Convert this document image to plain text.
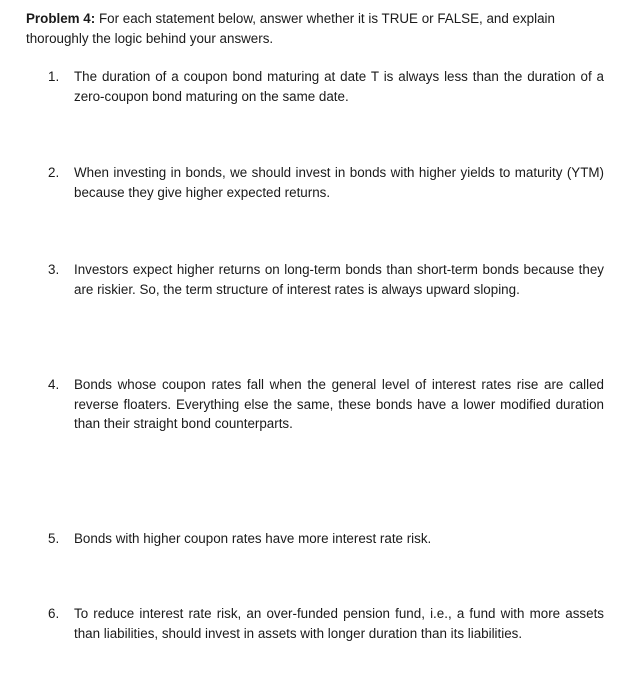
Problem 4: For each statement below, answer whether it is TRUE or FALSE, and explain thoroughly the logic behind your answers.
1.	The duration of a coupon bond maturing at date T is always less than the duration of a zero-coupon bond maturing on the same date.
2.	When investing in bonds, we should invest in bonds with higher yields to maturity (YTM) because they give higher expected returns.
3.	Investors expect higher returns on long-term bonds than short-term bonds because they are riskier. So, the term structure of interest rates is always upward sloping.
4.	Bonds whose coupon rates fall when the general level of interest rates rise are called reverse floaters. Everything else the same, these bonds have a lower modified duration than their straight bond counterparts.
5.	Bonds with higher coupon rates have more interest rate risk.
6.	To reduce interest rate risk, an over-funded pension fund, i.e., a fund with more assets than liabilities, should invest in assets with longer duration than its liabilities.
